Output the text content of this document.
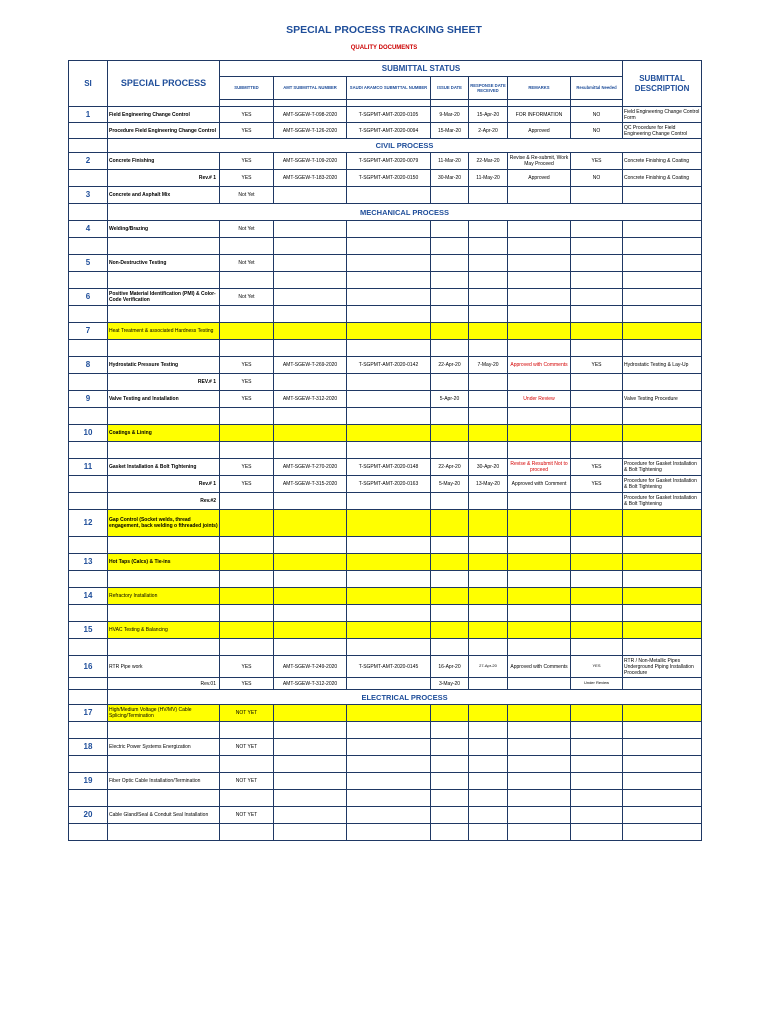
SPECIAL PROCESS TRACKING SHEET
QUALITY DOCUMENTS
SI	SPECIAL PROCESS	SUBMITTAL STATUS							SUBMITTAL DESCRIPTION
		SUBMITTED	AMT SUBMITTAL NUMBER	SAUDI ARAMCO SUBMITTAL NUMBER	ISSUE DATE	RESPONSE DATE RECEIVED	REMARKS	Resubmittal Needed	

1	Field Engineering Change Control	YES	AMT-SGEW-T-098-2020	T-SGPMT-AMT-2020-0105	9-Mar-20	15-Apr-20	FOR INFORMATION	NO	Field Engineering Change Control Form
	Procedure Field Engineering Change Control	YES	AMT-SGEW-T-126-2020	T-SGPMT-AMT-2020-0094	15-Mar-20	2-Apr-20	Approved	NO	QC Procedure for Field Engineering Change Control
	CIVIL PROCESS								
2	Concrete Finishing	YES	AMT-SGEW-T-109-2020	T-SGPMT-AMT-2020-0079	11-Mar-20	22-Mar-20	Revise & Re-submit, Work May Proceed	YES	Concrete Finishing & Coating
	Rev.# 1	YES	AMT-SGEW-T-183-2020	T-SGPMT-AMT-2020-0150	30-Mar-20	11-May-20	Approved	NO	Concrete Finishing & Coating
3	Concrete and Asphalt Mix	Not Yet							
	MECHANICAL PROCESS								
4	Welding/Brazing	Not Yet							

5	Non-Destructive Testing	Not Yet							

6	Positive Material Identification (PMI) & Color-Code Verification	Not Yet							

7	Heat Treatment & associated Hardness Testing								

8	Hydrostatic Pressure Testing	YES	AMT-SGEW-T-269-2020	T-SGPMT-AMT-2020-0142	22-Apr-20	7-May-20	Approved with Comments	YES	Hydrostatic Testing & Lay-Up
	REV.# 1	YES							
9	Valve Testing and Installation	YES	AMT-SGEW-T-312-2020		5-Apr-20		Under Review		Valve Testing Procedure

10	Coatings & Lining								

11	Gasket Installation & Bolt Tightening	YES	AMT-SGEW-T-270-2020	T-SGPMT-AMT-2020-0148	22-Apr-20	30-Apr-20	Revise & Resubmit Not to proceed	YES	Procedure for Gasket Installation & Bolt Tightening
	Rev.# 1	YES	AMT-SGEW-T-315-2020	T-SGPMT-AMT-2020-0163	5-May-20	13-May-20	Approved with Comment	YES	Procedure for Gasket Installation & Bolt Tightening
	Rev.#2								Procedure for Gasket Installation & Bolt Tightening
12	Gap Control (Socket welds, thread engagement, back welding o fthreaded joints)								

13	Hot Taps (Calcs) & Tie-ins								

14	Refractory Installation								

15	HVAC Testing & Balancing								

16	RTR Pipe work	YES	AMT-SGEW-T-249-2020	T-SGPMT-AMT-2020-0145	16-Apr-20	27-Apr-20	Approved with Comments	YES	RTR / Non-Metallic Pipes Underground Piping Installation Procedure
	Rev.01	YES	AMT-SGEW-T-312-2020		3-May-20			Under Review	
	ELECTRICAL PROCESS								
17	High/Medium Voltage (HV/MV) Cable Splicing/Termination	NOT YET							

18	Electric Power Systems Energization	NOT YET							

19	Fiber Optic Cable Installation/Termination	NOT YET							

20	Cable Gland/Seal & Conduit Seal Installation	NOT YET							
